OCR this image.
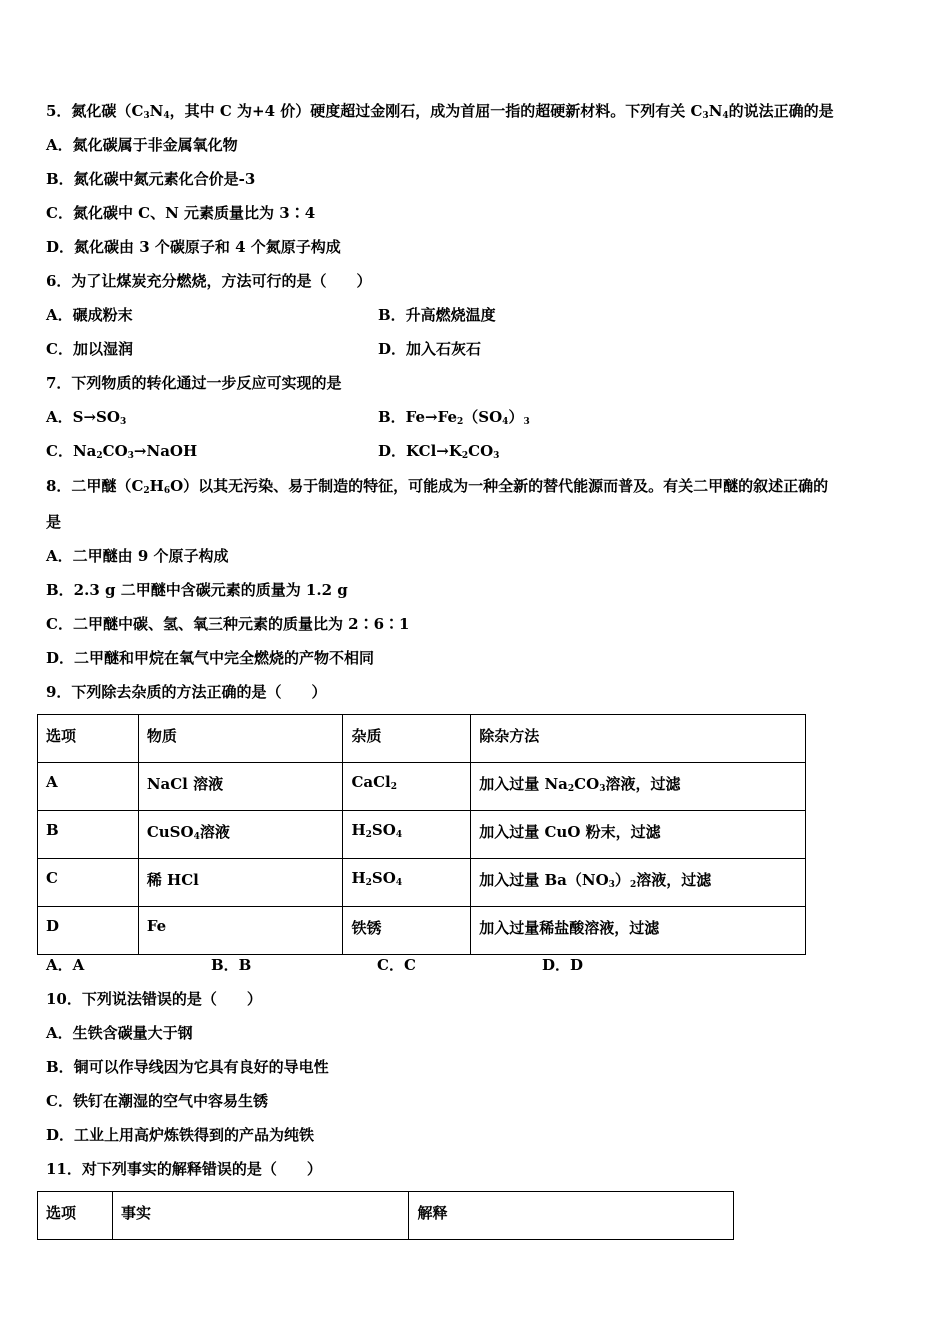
5．氮化碳（$C_3N_4$，其中 C 为+4 价）硬度超过金刚石，成为首屈一指的超硬新材料。下列有关 $C_3N_4$的说法正确的是
A．氮化碳属于非金属氧化物
B．氮化碳中氮元素化合价是-3
C．氮化碳中 C、N 元素质量比为 3∶4
D．氮化碳由 3 个碳原子和 4 个氮原子构成
6．为了让煤炭充分燃烧，方法可行的是（　　）
A．碾成粉末	B．升高燃烧温度
C．加以湿润	D．加入石灰石
7．下列物质的转化通过一步反应可实现的是
A．$S\to SO_3$	B．$Fe\to Fe_2(SO_4)_3$
C．$Na_2CO_3\to NaOH$	D．$KCl\to K_2CO_3$
8．二甲醚$(C_2H_6O)$以其无污染、易于制造的特征，可能成为一种全新的替代能源而普及。有关二甲醚的叙述正确的
是
A．二甲醚由 9 个原子构成
B．2.3 g 二甲醚中含碳元素的质量为 1.2 g
C．二甲醚中碳、氢、氧三种元素的质量比为 2∶6∶1
D．二甲醚和甲烷在氧气中完全燃烧的产物不相同
9．下列除去杂质的方法正确的是（　　）
选项	物质	杂质	除杂方法
A	NaCl 溶液	CaCl$_2$	加入过量 $Na_2CO_3$溶液，过滤
B	CuSO$_4$溶液	$H_2SO_4$	加入过量 CuO 粉末，过滤
C	稀 HCl	$H_2SO_4$	加入过量 $Ba(NO_3)_2$溶液，过滤
D	Fe	铁锈	加入过量稀盐酸溶液，过滤
A．A	B．B	C．C	D．D
10．下列说法错误的是（　　）
A．生铁含碳量大于钢
B．铜可以作导线因为它具有良好的导电性
C．铁钉在潮湿的空气中容易生锈
D．工业上用高炉炼铁得到的产品为纯铁
11．对下列事实的解释错误的是（　　）
选项	事实	解释
